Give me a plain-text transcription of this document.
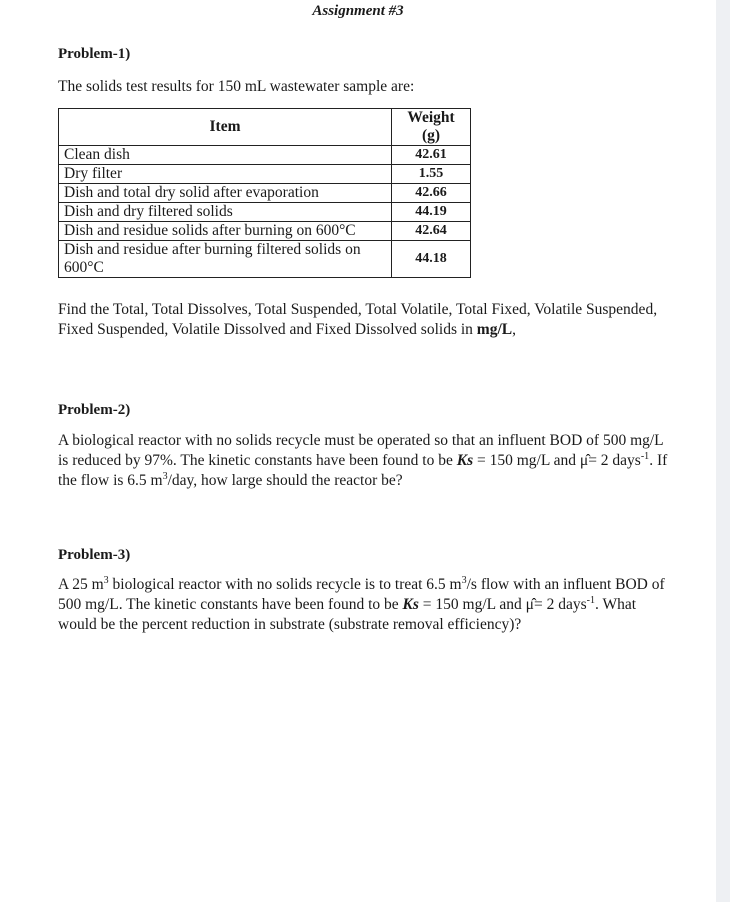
Assignment #3
Problem-1)
The solids test results for 150 mL wastewater sample are:
Item	Weight
(g)

Clean dish	42.61
Dry filter	1.55
Dish and total dry solid after evaporation	42.66
Dish and dry filtered solids	44.19
Dish and residue solids after burning on 600°C	42.64
Dish and residue after burning filtered solids on 600°C	44.18

Find the Total, Total Dissolves, Total Suspended, Total Volatile, Total Fixed, Volatile Suspended, Fixed Suspended, Volatile Dissolved and Fixed Dissolved solids in mg/L,

Problem-2)

A biological reactor with no solids recycle must be operated so that an influent BOD of 500 mg/L is reduced by 97%. The kinetic constants have been found to be Ks = 150 mg/L and μ̂= 2 days$^{-1}$. If the flow is 6.5 $m^3$/day, how large should the reactor be?

Problem-3)

A 25 $m^3$ biological reactor with no solids recycle is to treat 6.5 $m^3/s$ flow with an influent BOD of 500 mg/L. The kinetic constants have been found to be Ks = 150 mg/L and μ̂= 2 days$^{-1}$. What would be the percent reduction in substrate (substrate removal efficiency)?
